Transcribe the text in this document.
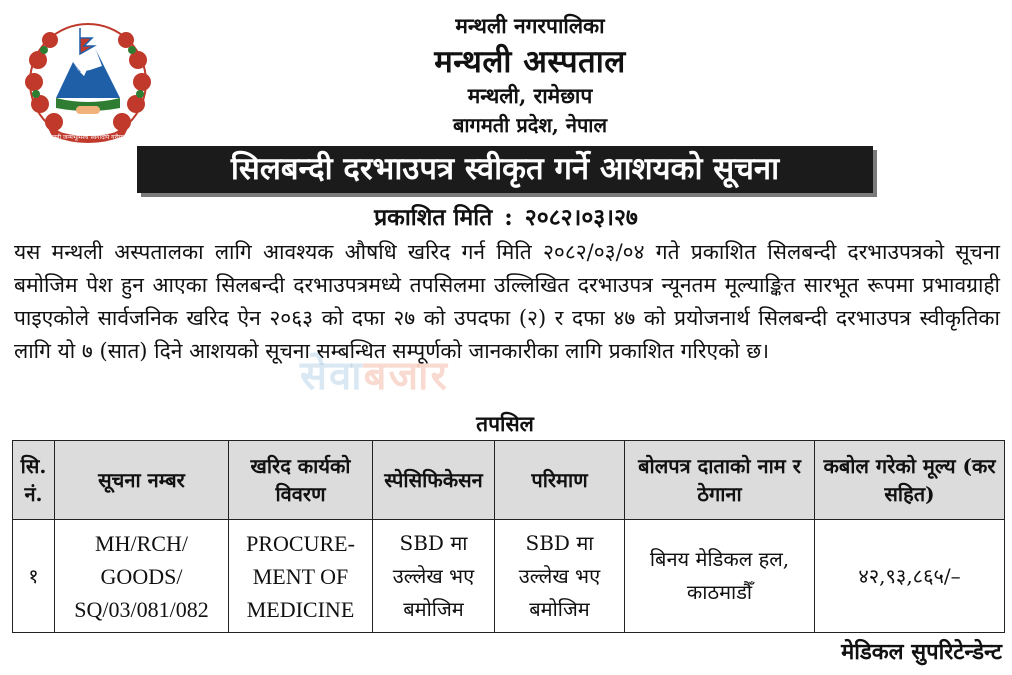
जननी जन्मभूमिश्च स्वर्गादपि गरीयसी
मन्थली नगरपालिका
मन्थली अस्पताल
मन्थली, रामेछाप
बागमती प्रदेश, नेपाल
सिलबन्दी दरभाउपत्र स्वीकृत गर्ने आशयको सूचना
प्रकाशित मिति : २०८२।०३।२७
सेवाबजार
यस मन्थली अस्पतालका लागि आवश्यक औषधि खरिद गर्न मिति २०८२/०३/०४ गते प्रकाशित सिलबन्दी दरभाउपत्रको सूचना बमोजिम पेश हुन आएका सिलबन्दी दरभाउपत्रमध्ये तपसिलमा उल्लिखित दरभाउपत्र न्यूनतम मूल्याङ्कित सारभूत रूपमा प्रभावग्राही पाइएकोले सार्वजनिक खरिद ऐन २०६३ को दफा २७ को उपदफा (२) र दफा ४७ को प्रयोजनार्थ सिलबन्दी दरभाउपत्र स्वीकृतिका लागि यो ७ (सात) दिने आशयको सूचना सम्बन्धित सम्पूर्णको जानकारीका लागि प्रकाशित गरिएको छ।
तपसिल
सि. नं.	सूचना नम्बर	खरिद कार्यको विवरण	स्पेसिफिकेसन	परिमाण	बोलपत्र दाताको नाम र ठेगाना	कबोल गरेको मूल्य (कर सहित)
१	MH/RCH/ GOODS/ SQ/03/081/082	PROCURE- MENT OF MEDICINE	SBD मा उल्लेख भए बमोजिम	SBD मा उल्लेख भए बमोजिम	बिनय मेडिकल हल, काठमाडौँ	४२,९३,८६५/–
मेडिकल सुपरिटेन्डेन्ट
